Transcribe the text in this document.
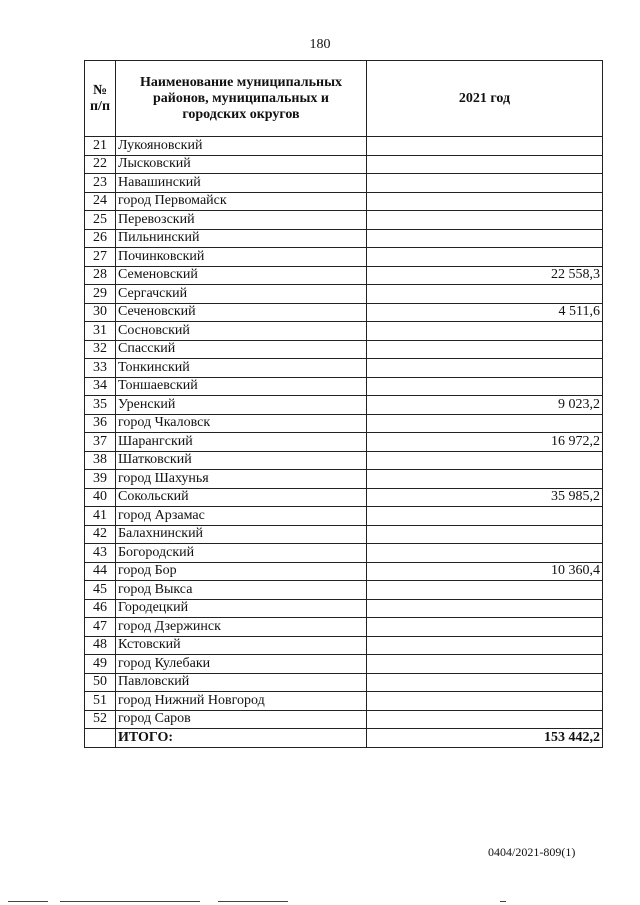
180
№ п/п	Наименование муниципальных районов, муниципальных и городских округов	2021 год
21	Лукояновский	
22	Лысковский	
23	Навашинский	
24	город Первомайск	
25	Перевозский	
26	Пильнинский	
27	Починковский	
28	Семеновский	22 558,3
29	Сергачский	
30	Сеченовский	4 511,6
31	Сосновский	
32	Спасский	
33	Тонкинский	
34	Тоншаевский	
35	Уренский	9 023,2
36	город Чкаловск	
37	Шарангский	16 972,2
38	Шатковский	
39	город Шахунья	
40	Сокольский	35 985,2
41	город Арзамас	
42	Балахнинский	
43	Богородский	
44	город Бор	10 360,4
45	город Выкса	
46	Городецкий	
47	город Дзержинск	
48	Кстовский	
49	город Кулебаки	
50	Павловский	
51	город Нижний Новгород	
52	город Саров	
	ИТОГО:	153 442,2
0404/2021-809(1)
